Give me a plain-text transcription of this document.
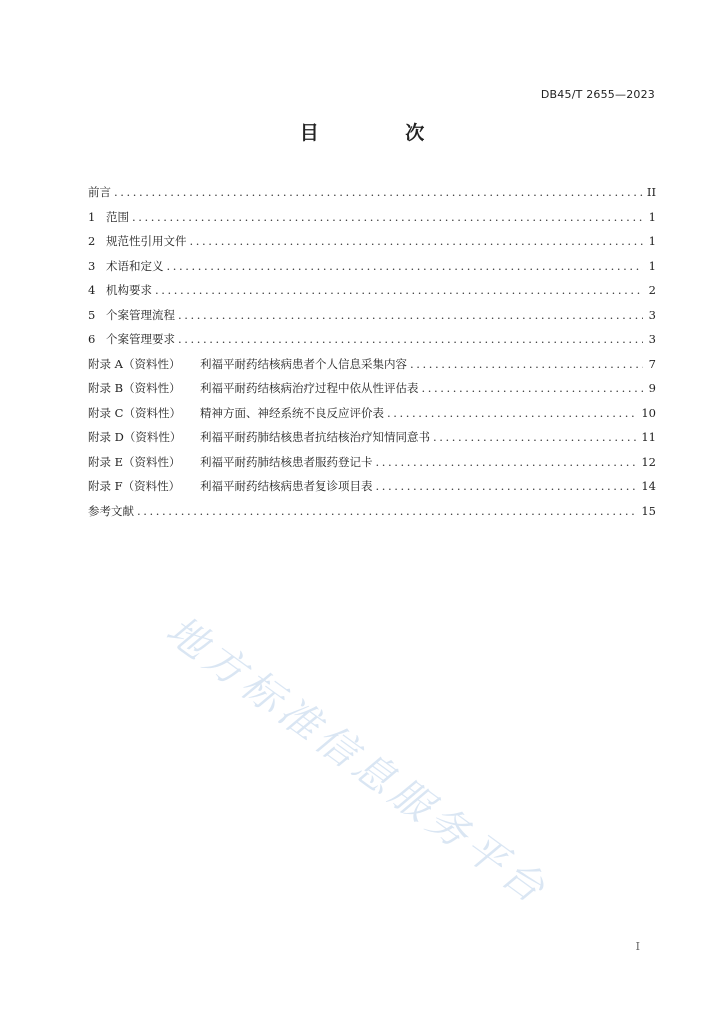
DB45/T 2655—2023
目 次
前言 .....	II
1 范围 .....	1
2 规范性引用文件 .....	1
3 术语和定义 .....	1
4 机构要求 .....	2
5 个案管理流程 .....	3
6 个案管理要求 .....	3
附录 A（资料性）	利福平耐药结核病患者个人信息采集内容 .....	7
附录 B（资料性）	利福平耐药结核病治疗过程中依从性评估表 .....	9
附录 C（资料性）	精神方面、神经系统不良反应评价表 .....	10
附录 D（资料性）	利福平耐药肺结核患者抗结核治疗知情同意书 .....	11
附录 E（资料性）	利福平耐药肺结核患者服药登记卡 .....	12
附录 F（资料性）	利福平耐药结核病患者复诊项目表 .....	14
参考文献 .....	15
地方标准信息服务平台
I
